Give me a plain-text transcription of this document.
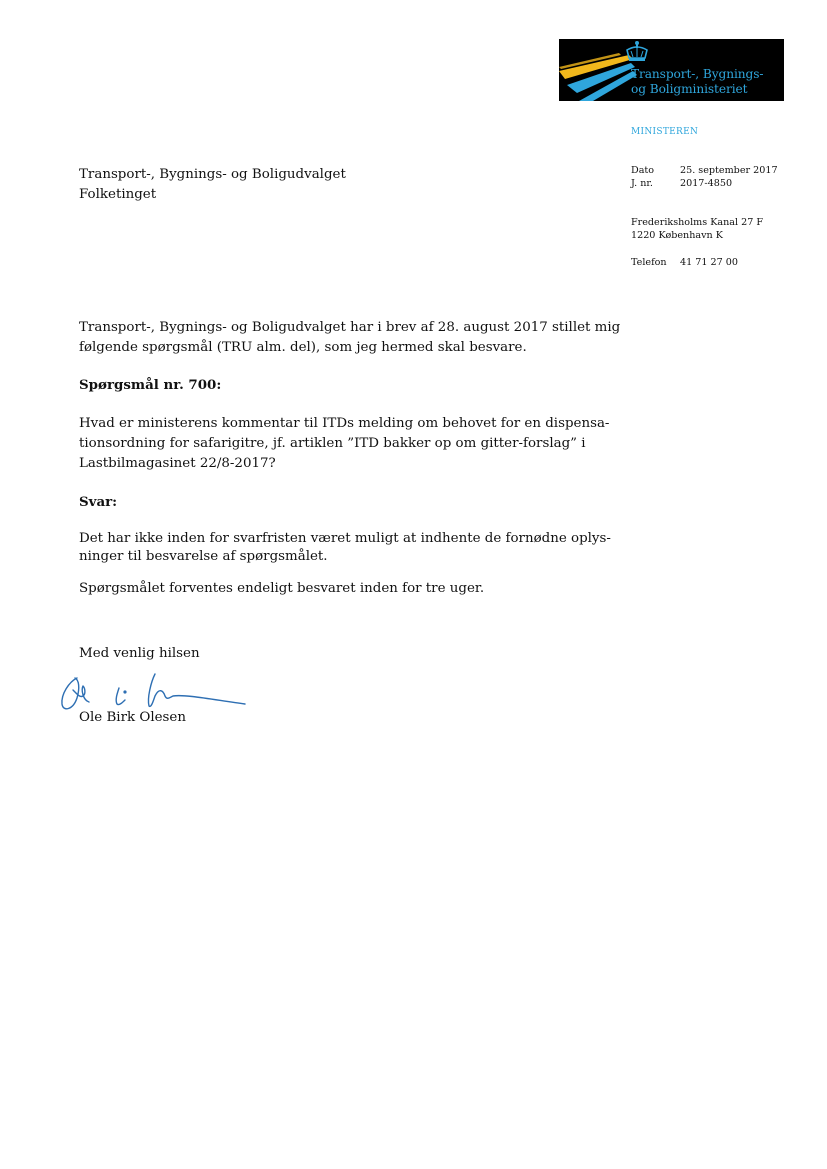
Transport-, Bygnings-
og Boligministeriet
MINISTEREN
Dato	25. september 2017
J. nr.	2017-4850
Frederiksholms Kanal 27 F
1220 København K
Telefon 41 71 27 00
Transport-, Bygnings- og Boligudvalget
Folketinget
Transport-, Bygnings- og Boligudvalget har i brev af 28. august 2017 stillet mig
følgende spørgsmål (TRU alm. del), som jeg hermed skal besvare.
Spørgsmål nr. 700:
Hvad er ministerens kommentar til ITDs melding om behovet for en dispensa-
tionsordning for safarigitre, jf. artiklen ”ITD bakker op om gitter-forslag” i
Lastbilmagasinet 22/8-2017?
Svar:
Det har ikke inden for svarfristen været muligt at indhente de fornødne oplys-
ninger til besvarelse af spørgsmålet.
Spørgsmålet forventes endeligt besvaret inden for tre uger.
Med venlig hilsen
Ole Birk Olesen
